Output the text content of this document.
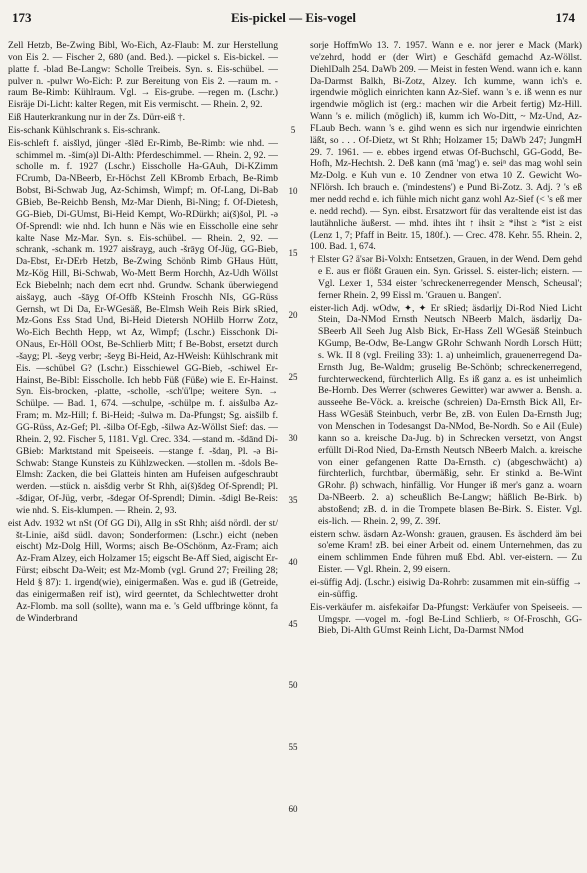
173	Eis-pickel — Eis-vogel	174

Zell Hetzb, Be-Zwing Bibl, Wo-Eich, Az-Flaub: M. zur Herstellung von Eis 2. — Fischer 2, 680 (and. Bed.). —pickel s. Eis-bickel. —platte f. -blad Be-Langw: Scholle Treibeis. Syn. s. Eis-schübel. —pulver n. -pulwr Wo-Eich: P. zur Bereitung von Eis 2. —raum m. -raum Be-Rimb: Kühlraum. Vgl. → Eis-grube. —regen m. (Lschr.) Eisräje Di-Licht: kalter Regen, mit Eis vermischt. — Rhein. 2, 92.

Eiß Hauterkrankung nur in der Zs. Dürr-eiß †.

Eis-schank Kühlschrank s. Eis-schrank.

Eis-schleft f. aisšlyd, jünger -šlēd Er-Rimb, Be-Rimb: wie nhd. —schimmel m. -šim(ǝ)l Di-Alth: Pferdeschimmel. — Rhein. 2, 92. —scholle m. f. 1927 (Lschr.) Eisscholle Ha-GAuh, Di-KZimm FCrumb, Da-NBeerb, Er-Höchst Zell KBromb Erbach, Be-Rimb Bobst, Bi-Schwab Jug, Az-Schimsh, Wimpf; m. Of-Lang, Di-Bab GBieb, Be-Reichb Bensh, Mz-Mar Dienh, Bi-Ning; f. Of-Dietesh, GG-Bieb, Di-GUmst, Bi-Heid Kempt, Wo-RDürkh; ai(š)šol, Pl. -ǝ Of-Sprendl: wie nhd. Ich hunn e Näs wie en Eisscholle eine sehr kalte Nase Mz-Mar. Syn. s. Eis-schübel. — Rhein. 2, 92. —schrank, -schank m. 1927 aisšrayg, auch -šrāyg Of-Jüg, GG-Bieb, Da-Ebst, Er-DErb Hetzb, Be-Zwing Schönb Rimb GHaus Hütt, Mz-Kög Hill, Bi-Schwab, Wo-Mett Berm Horchh, Az-Udh Wöllst Eck Biebelnh; nach dem ecrt nhd. Grundw. Schank überwiegend aisšayg, auch -šāyg Of-Offb KSteinh Froschh NIs, GG-Rüss Gernsh, wt Di Da, Er-WGesäß, Be-Elmsh Weih Reis Birk sRied, Mz-Gons Ess Stad Und, Bi-Heid Dietersh NOHilb Horrw Zotz, Wo-Eich Bechth Hepp, wt Az, Wimpf; (Lschr.) Eisschonk Di-ONaus, Er-Höll OOst, Be-Schlierb Mitt; f Be-Bobst, ersetzt durch -šayg; Pl. -šeyg verbr; -šeyg Bi-Heid, Az-HWeish: Kühlschrank mit Eis. —schübel G? (Lschr.) Eisschiewel GG-Bieb, -schiwel Er-Hainst, Be-Bibl: Eisscholle. Ich hebb Füß (Füße) wie E. Er-Hainst. Syn. Eis-brocken, -platte, -scholle, -sch'ü'lpe; weitere Syn. → Schülpe. — Bad. 1, 674. —schulpe, -schülpe m. f. aisšulbǝ Az-Fram; m. Mz-Hill; f. Bi-Heid; -šulwǝ m. Da-Pfungst; Sg. aisšilb f. GG-Rüss, Az-Gef; Pl. -šilbǝ Of-Egb, -šilwǝ Az-Wöllst Sief: das. — Rhein. 2, 92. Fischer 5, 1181. Vgl. Crec. 334. —stand m. -šdānd Di-GBieb: Marktstand mit Speiseeis. —stange f. -šdaŋ, Pl. -ǝ Bi-Schwab: Stange Kunsteis zu Kühlzwecken. —stollen m. -šdols Be-Elmsh: Zacken, die bei Glatteis hinten am Hufeisen aufgeschraubt werden. —stück n. aisšdig verbr St Rhh, ai(š)šdeg Of-Sprendl; Pl. -šdigǝr, Of-Jüg, verbr, -šdegǝr Of-Sprendl; Dimin. -šdigl Be-Reis: wie nhd. S. Eis-klumpen. — Rhein. 2, 93.

eist Adv. 1932 wt nSt (Of GG Di), Allg in sSt Rhh; aiśd nördl. der st/št-Linie, aišd südl. davon; Sonderformen: (Lschr.) eicht (neben eischt) Mz-Dolg Hill, Worms; aisch Be-OSchönm, Az-Fram; aich Az-Fram Alzey, eich Holzamer 15; eigscht Be-Aff Sied, aigischt Er-Fürst; eibscht Da-Weit; est Mz-Momb (vgl. Grund 27; Freiling 28; Held § 87): 1. irgend(wie), einigermaßen. Was e. gud iß (Getreide, das einigermaßen reif ist), wird geerntet, da Schlechtwetter droht Az-Flomb. ma soll (sollte), wann ma e. 's Geld uffbringe könnt, fa de Winderbrand

5
10
15
20
25
30
35
40
45
50
55
60

sorje HoffmWo 13. 7. 1957. Wann e e. nor jerer e Mack (Mark) ve'zehrd, hodd er (der Wirt) e Geschäfd gemachd Az-Wöllst. DiehlDalh 254. DaWb 209. — Meist in festen Wend. wann ich e. kann Da-Darmst Balkh, Bi-Zotz, Alzey. Ich kumme, wann ich's e. irgendwie möglich einrichten kann Az-Sief. wann 's e. iß wenn es nur irgendwie möglich ist (erg.: machen wir die Arbeit fertig) Mz-Hill. Wann 's e. milich (möglich) iß, kumm ich Wo-Ditt, ~ Mz-Und, Az-FLaub Bech. wann 's e. gihd wenn es sich nur irgendwie einrichten läßt, so . . . Of-Dietz, wt St Rhh; Holzamer 15; DaWb 247; JungmH 29. 7. 1961. — e. ebbes irgend etwas Of-Buchschl, GG-Godd, Be-Hofh, Mz-Hechtsh. 2. Deß kann (mā 'mag') e. seiⁿ das mag wohl sein Mz-Dolg. e Kuh vun e. 10 Zendner von etwa 10 Z. Gewicht Wo-NFlörsh. Ich brauch e. ('mindestens') e Pund Bi-Zotz. 3. Adj. ? 's eß mer nedd rechd e. ich fühle mich nicht ganz wohl Az-Sief (< 's eß mer e. nedd rechd). — Syn. eibst. Ersatzwort für das veraltende eist ist das lautähnliche äußerst. — mhd. ihtes iht ↑ ihsit ≥ *ihst ≥ *ist ≥ eist (Lenz 1, 7; Pfaff in Beitr. 15, 180f.). — Crec. 478. Kehr. 55. Rhein. 2, 100. Bad. 1, 674.

† Elster G? ä'sǝr Bi-Volxh: Entsetzen, Grauen, in der Wend. Dem gehd e E. aus er flößt Grauen ein. Syn. Grissel. S. eister-lich; eistern. — Vgl. Lexer 1, 534 eister 'schreckenerregender Mensch, Scheusal'; ferner Rhein. 2, 99 Eissl m. 'Grauen u. Bangen'.

eister-lich Adj. wOdw, ✦, ✦ Er sRied; äsdǝrlįχ Di-Rod Nied Licht Stein, Da-NMod Ernsth Neutsch NBeerb Malch, äsdǝrlįχ Da-SBeerb All Seeh Jug Alsb Bick, Er-Hass Zell WGesäß Steinbuch KGump, Be-Odw, Be-Langw GRohr Schwanh Nordh Lorsch Hütt; s. Wk. II 8 (vgl. Freiling 33): 1. a) unheimlich, grauenerregend Da-Ernsth Jug, Be-Waldm; gruselig Be-Schönb; schreckenerregend, furchterweckend, fürchterlich Allg. Es iß ganz a. es ist unheimlich Be-Hornb. Des Werrer (schweres Gewitter) war awwer a. Bensh. a. ausseehe Be-Vöck. a. kreische (schreien) Da-Ernsth Bick All, Er-Hass WGesäß Steinbuch, verbr Be, zB. von Eulen Da-Ernsth Jug; von Menschen in Todesangst Da-NMod, Be-Nordh. So e Ail (Eule) kann so a. kreische Da-Jug. b) in Schrecken versetzt, von Angst erfüllt Di-Rod Nied, Da-Ernsth Neutsch NBeerb Malch. a. kreische von einer gefangenen Ratte Da-Ernsth. c) (abgeschwächt) a) fürchterlich, furchtbar, übermäßig, sehr. Er stinkd a. Be-Wint GRohr. β) schwach, hinfällig. Vor Hunger iß mer's ganz a. woarn Da-NBeerb. 2. a) scheußlich Be-Langw; häßlich Be-Birk. b) abstoßend; zB. d. in die Trompete blasen Be-Birk. S. Eister. Vgl. eis-lich. — Rhein. 2, 99, Z. 39f.

eistern schw. äsdǝrn Az-Wonsh: grauen, grausen. Es äschderd äm bei so'eme Kram! zB. bei einer Arbeit od. einem Unternehmen, das zu einem schlimmen Ende führen muß Ebd. Abl. ver-eistern. — Zu Eister. — Vgl. Rhein. 2, 99 eisern.

ei-süffig Adj. (Lschr.) eisiwig Da-Rohrb: zusammen mit ein-süffig → ein-süffig.

Eis-verkäufer m. aisfekǝifǝr Da-Pfungst: Verkäufer von Speiseeis. — Umgspr. —vogel m. -fogl Be-Lind Schlierb, ≈ Of-Froschh, GG-Bieb, Di-Alth GUmst Reinh Licht, Da-Darmst NMod
